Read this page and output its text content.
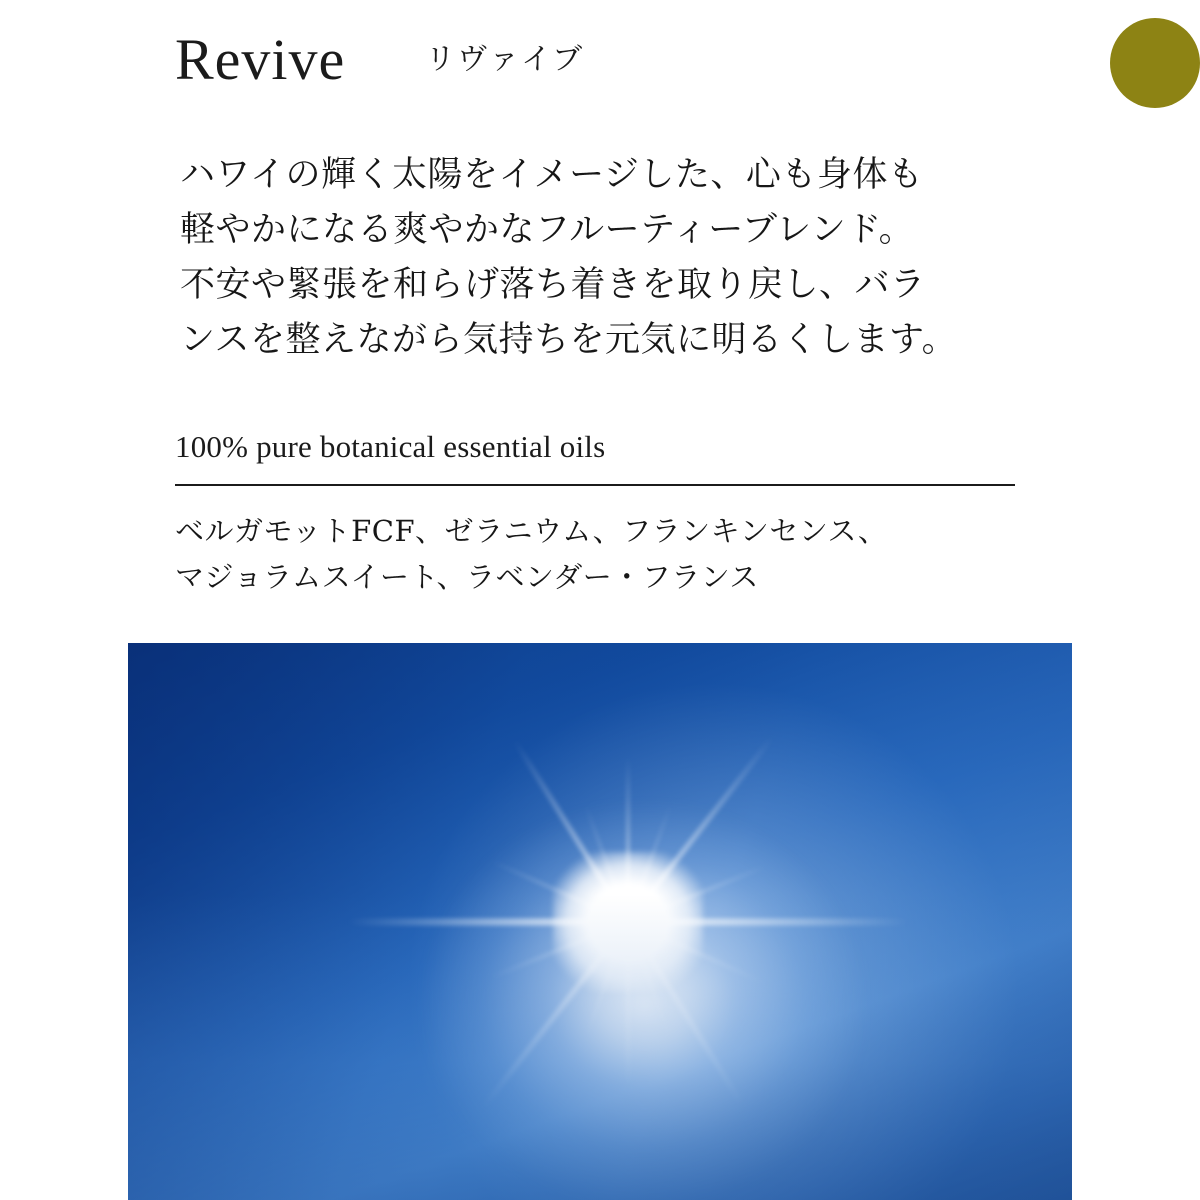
Revive	リヴァイブ
ハワイの輝く太陽をイメージした、心も身体も
軽やかになる爽やかなフルーティーブレンド。
不安や緊張を和らげ落ち着きを取り戻し、バラ
ンスを整えながら気持ちを元気に明るくします。
100% pure botanical essential oils
ベルガモットFCF、ゼラニウム、フランキンセンス、
マジョラムスイート、ラベンダー・フランス
